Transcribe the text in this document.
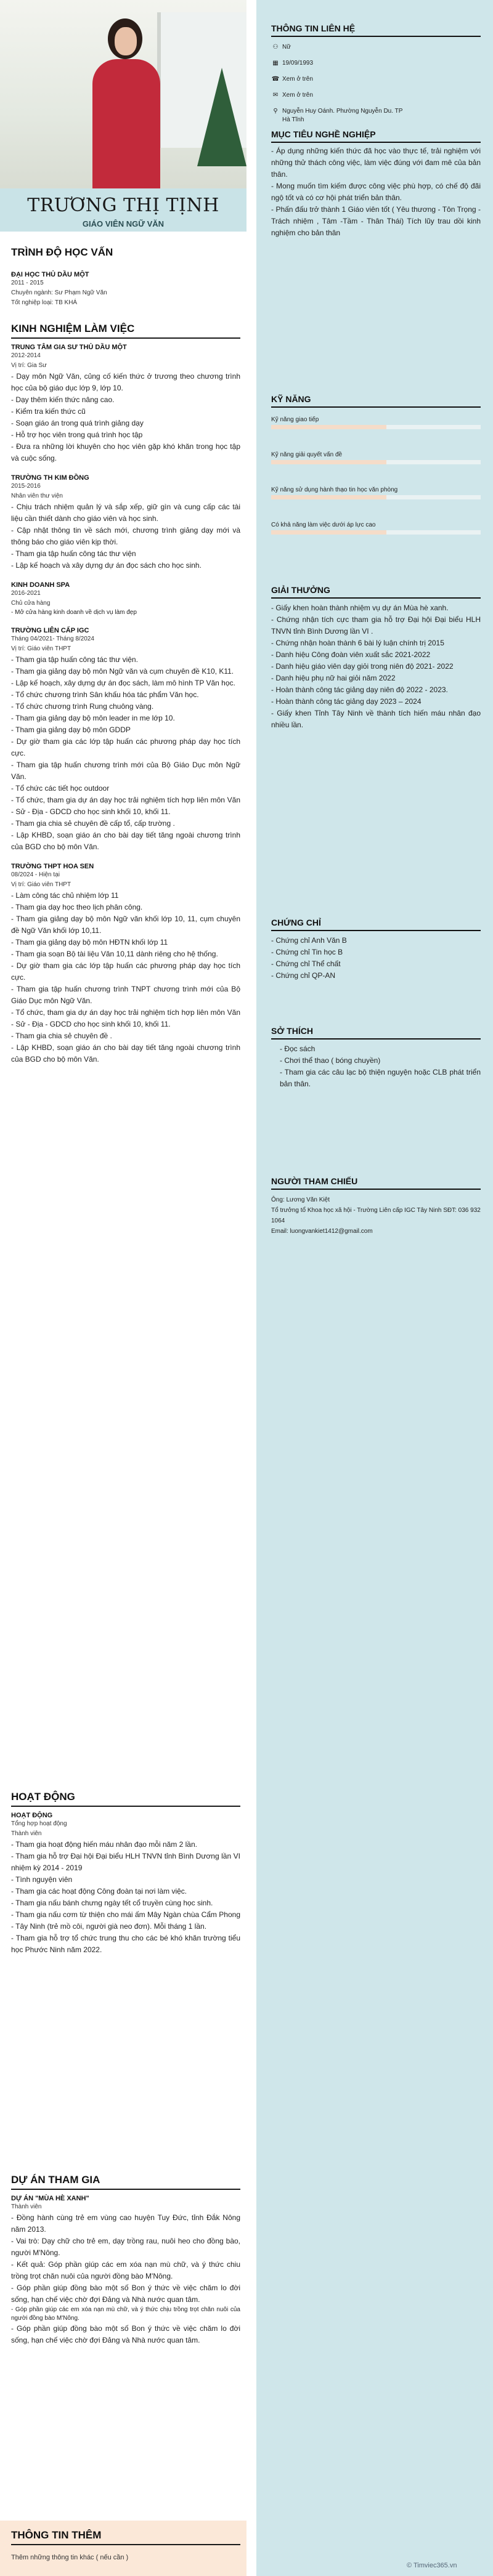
TRƯƠNG THỊ TỊNH
GIÁO VIÊN NGỮ VĂN
TRÌNH ĐỘ HỌC VẤN
ĐẠI HỌC THỦ DẦU MỘT
2011 - 2015
Chuyên ngành: Sư Phạm Ngữ Văn
Tốt nghiệp loại: TB KHÁ
KINH NGHIỆM LÀM VIỆC
TRUNG TÂM GIA SƯ THỦ DẦU MỘT
2012-2014
Vị trí: Gia Sư
- Dạy môn Ngữ Văn, củng cố kiến thức ở trương theo chương trình học của bộ giáo dục lớp 9, lớp 10.
- Dạy thêm kiến thức nâng cao.
- Kiểm tra kiến thức cũ
- Soạn giáo án trong quá trình giảng dạy
- Hỗ trợ học viên trong quá trình học tập
- Đưa ra những lời khuyên cho học viên gặp khó khăn trong học tập và cuộc sống.
TRƯỜNG TH KIM ĐỒNG
2015-2016
Nhân viên thư viện
- Chịu trách nhiệm quản lý và sắp xếp, giữ gìn và cung cấp các tài liệu cần thiết dành cho giáo viên và học sinh.
- Cập nhật thông tin về sách mới, chương trình giảng dạy mới và thông báo cho giáo viên kịp thời.
- Tham gia tập huấn công tác thư viện
- Lập kế hoạch và xây dựng dự án đọc sách cho học sinh.
KINH DOANH SPA
2016-2021
Chủ cửa hàng
- Mở cửa hàng kinh doanh về dịch vụ làm đẹp
TRƯỜNG LIÊN CẤP IGC
Tháng 04/2021- Tháng 8/2024
Vị trí: Giáo viên THPT
- Tham gia tập huấn công tác thư viện.
- Tham gia giảng dạy bộ môn Ngữ văn và cụm chuyên đề K10, K11.
- Lập kế hoạch, xây dựng dự án đọc sách, làm mô hình TP Văn học.
- Tổ chức chương trình Sân khấu hóa tác phẩm Văn học.
- Tổ chức chương trình Rung chuông vàng.
- Tham gia giảng dạy bộ môn leader in me lớp 10.
- Tham gia giảng dạy bộ môn GDDP
- Dự giờ tham gia các lớp tập huấn các phương pháp dạy học tích cực.
- Tham gia tập huấn chương trình mới của Bộ Giáo Dục môn Ngữ Văn.
- Tổ chức các tiết học outdoor
- Tổ chức, tham gia dự án dạy học trải nghiệm tích hợp liên môn Văn - Sử - Địa - GDCD cho học sinh khối 10, khối 11.
- Tham gia chia sẻ chuyên đề cấp tổ, cấp trường .
- Lập KHBD, soạn giáo án cho bài dạy tiết tăng ngoài chương trình của BGD cho bộ môn Văn.
TRƯỜNG THPT HOA SEN
08/2024 - Hiện tại
Vị trí: Giáo viên THPT
- Làm công tác chủ nhiệm lớp 11
- Tham gia dạy học theo lịch phân công.
- Tham gia giảng dạy bộ môn Ngữ văn khối lớp 10, 11, cụm chuyên đề Ngữ Văn khối lớp 10,11.
- Tham gia giảng dạy bộ môn HĐTN khối lớp 11
- Tham gia soạn Bộ tài liệu Văn 10,11 dành riêng cho hệ thống.
- Dự giờ tham gia các lớp tập huấn các phương pháp dạy học tích cực.
- Tham gia tập huấn chương trình TNPT chương trình mới của Bộ Giáo Dục môn Ngữ Văn.
- Tổ chức, tham gia dự án dạy học trải nghiệm tích hợp liên môn Văn - Sử - Địa - GDCD cho học sinh khối 10, khối 11.
- Tham gia chia sẻ chuyên đề .
- Lập KHBD, soạn giáo án cho bài dạy tiết tăng ngoài chương trình của BGD cho bộ môn Văn.
HOẠT ĐỘNG
HOẠT ĐỘNG
Tổng hợp hoạt động
Thành viên
- Tham gia hoạt động hiến máu nhân đạo mỗi năm 2 lần.
- Tham gia hỗ trợ Đại hội Đại biểu HLH TNVN tỉnh Bình Dương lần VI nhiệm kỳ 2014 - 2019
- Tình nguyện viên
- Tham gia các hoạt động Công đoàn tại nơi làm việc.
- Tham gia nấu bánh chưng ngày tết cổ truyền cùng học sinh.
- Tham gia nấu cơm từ thiện cho mái ấm Mây Ngàn chùa Cẩm Phong - Tây Ninh (trẻ mồ côi, người già neo đơn). Mỗi tháng 1 lần.
- Tham gia hỗ trợ tổ chức trung thu cho các bé khó khăn trường tiểu học Phước Ninh năm 2022.
DỰ ÁN THAM GIA
DỰ ÁN "MÙA HÈ XANH"
Thành viên
- Đồng hành cùng trẻ em vùng cao huyện Tuy Đức, tỉnh Đắk Nông năm 2013.
- Vai trò: Dạy chữ cho trẻ em, dạy trồng rau, nuôi heo cho đồng bào, người M'Nông.
- Kết quả: Góp phần giúp các em xóa nạn mù chữ, và ý thức chiu trồng trọt chăn nuôi của người đồng bào M'Nông.
- Góp phần giúp đồng bào một số Bon ý thức về việc chăm lo đời sống, hạn chế việc chờ đợi Đảng và Nhà nước quan tâm.
- Góp phần giúp các em xóa nạn mù chữ, và ý thức chịu trồng trọt chăn nuôi của người đồng bào M'Nông.
- Góp phần giúp đồng bào một số Bon ý thức về việc chăm lo đời sống, hạn chế việc chờ đợi Đảng và Nhà nước quan tâm.
THÔNG TIN THÊM
Thêm những thông tin khác ( nếu cần )
THÔNG TIN LIÊN HỆ
⚇ Nữ
▦ 19/09/1993
☎ Xem ở trên
✉ Xem ở trên
⚲ Nguyễn Huy Oánh. Phường Nguyễn Du. TP
Hà Tĩnh
MỤC TIÊU NGHỀ NGHIỆP
- Áp dụng những kiến thức đã học vào thực tế, trải nghiệm với những thử thách công việc, làm việc đúng với đam mê của bản thân.
- Mong muốn tìm kiếm được công việc phù hợp, có chế độ đãi ngộ tốt và có cơ hội phát triển bản thân.
- Phấn đấu trở thành 1 Giáo viên tốt ( Yêu thương - Tôn Trọng - Trách nhiệm , Tâm -Tầm - Thân Thái) Tích lũy trau dồi kinh nghiệm cho bản thân
KỸ NĂNG
Kỹ năng giao tiếp
Kỹ năng giải quyết vấn đề
Kỹ năng sử dụng hành thạo tin học văn phòng
Có khả năng làm việc dưới áp lực cao
GIẢI THƯỞNG
- Giấy khen hoàn thành nhiệm vụ dự án Mùa hè xanh.
- Chứng nhận tích cực tham gia hỗ trợ Đại hội Đại biểu HLH TNVN tỉnh Bình Dương lần VI .
- Chứng nhận hoàn thành 6 bài lý luận chính trị 2015
- Danh hiệu Công đoàn viên xuất sắc 2021-2022
- Danh hiệu giáo viên dạy giỏi trong niên độ 2021- 2022
- Danh hiệu phụ nữ hai giỏi năm 2022
- Hoàn thành công tác giảng dạy niên độ 2022 - 2023.
- Hoàn thành công tác giảng dạy 2023 – 2024
- Giấy khen Tỉnh Tây Ninh về thành tích hiến máu nhân đạo nhiều lần.
CHỨNG CHỈ
- Chứng chỉ Anh Văn B
- Chứng chỉ Tin học B
- Chứng chỉ Thể chất
- Chứng chỉ QP-AN
SỞ THÍCH
- Đọc sách
- Chơi thể thao ( bóng chuyền)
- Tham gia các câu lạc bộ thiện nguyện hoặc CLB phát triển bản thân.
NGƯỜI THAM CHIẾU
Ông: Lương Văn Kiệt
Tổ trưởng tổ Khoa học xã hội - Trường Liên cấp IGC Tây Ninh SĐT: 036 932 1064
Email: luongvankiet1412@gmail.com
© Timviec365.vn
